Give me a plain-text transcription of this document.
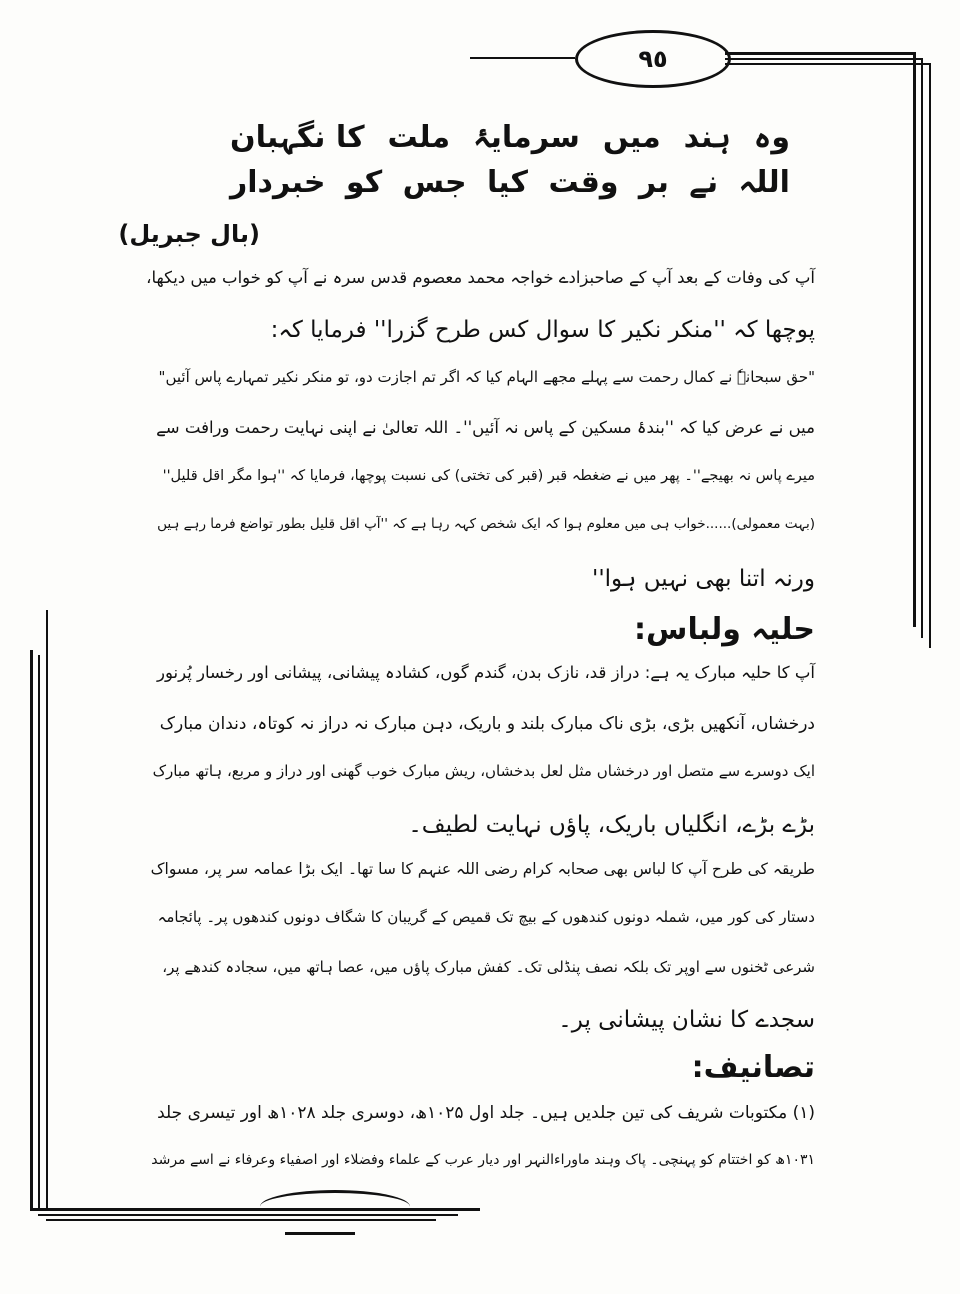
٩٥
وہ
ہند
میں
سرمایۂ
ملت
کا نگہبان
اللہ
نے
بر
وقت
کیا
جس
کو
خبردار
(بال جبریل)
آپ کی وفات کے بعد آپ کے صاحبزادے خواجہ محمد معصوم قدس سرہ نے آپ کو خواب میں دیکھا،
پوچھا کہ ''منکر نکیر کا سوال کس طرح گزرا'' فرمایا کہ:
"حق سبحانہٗ نے کمال رحمت سے پہلے مجھے الہام کیا کہ اگر تم اجازت دو، تو منکر نکیر تمہارے پاس آئیں"
میں نے عرض کیا کہ ''بندۂ مسکین کے پاس نہ آئیں''۔ اللہ تعالیٰ نے اپنی نہایت رحمت ورافت سے
میرے پاس نہ بھیجے''۔ پھر میں نے ضغطہ قبر (قبر کی تختی) کی نسبت پوچھا، فرمایا کہ ''ہوا مگر اقل قلیل''
(بہت معمولی)......خواب ہی میں معلوم ہوا کہ ایک شخص کہہ رہا ہے کہ ''آپ اقل قلیل بطور تواضع فرما رہے ہیں
ورنہ اتنا بھی نہیں ہوا''
حلیہ ولباس:
آپ کا حلیہ مبارک یہ ہے: دراز قد، نازک بدن، گندم گوں، کشادہ پیشانی، پیشانی اور رخسار پُرنور
درخشاں، آنکھیں بڑی، بڑی ناک مبارک بلند و باریک، دہن مبارک نہ دراز نہ کوتاہ، دندان مبارک
ایک دوسرے سے متصل اور درخشاں مثل لعل بدخشاں، ریش مبارک خوب گھنی اور دراز و مربع، ہاتھ مبارک
بڑے بڑے، انگلیاں باریک، پاؤں نہایت لطیف۔
طریقہ کی طرح آپ کا لباس بھی صحابہ کرام رضی اللہ عنہم کا سا تھا۔ ایک بڑا عمامہ سر پر، مسواک
دستار کی کور میں، شملہ دونوں کندھوں کے بیچ تک قمیص کے گریبان کا شگاف دونوں کندھوں پر۔ پائجامہ
شرعی ٹخنوں سے اوپر تک بلکہ نصف پنڈلی تک۔ کفش مبارک پاؤں میں، عصا ہاتھ میں، سجادہ کندھے پر،
سجدے کا نشان پیشانی پر۔
تصانیف:
(۱) مکتوبات شریف کی تین جلدیں ہیں۔ جلد اول ۱۰۲۵ھ، دوسری جلد ۱۰۲۸ھ اور تیسری جلد
۱۰۳۱ھ کو اختتام کو پہنچی۔ پاک وہند ماوراءالنہر اور دیار عرب کے علماء وفضلاء اور اصفیاء وعرفاء نے اسے مرشد
